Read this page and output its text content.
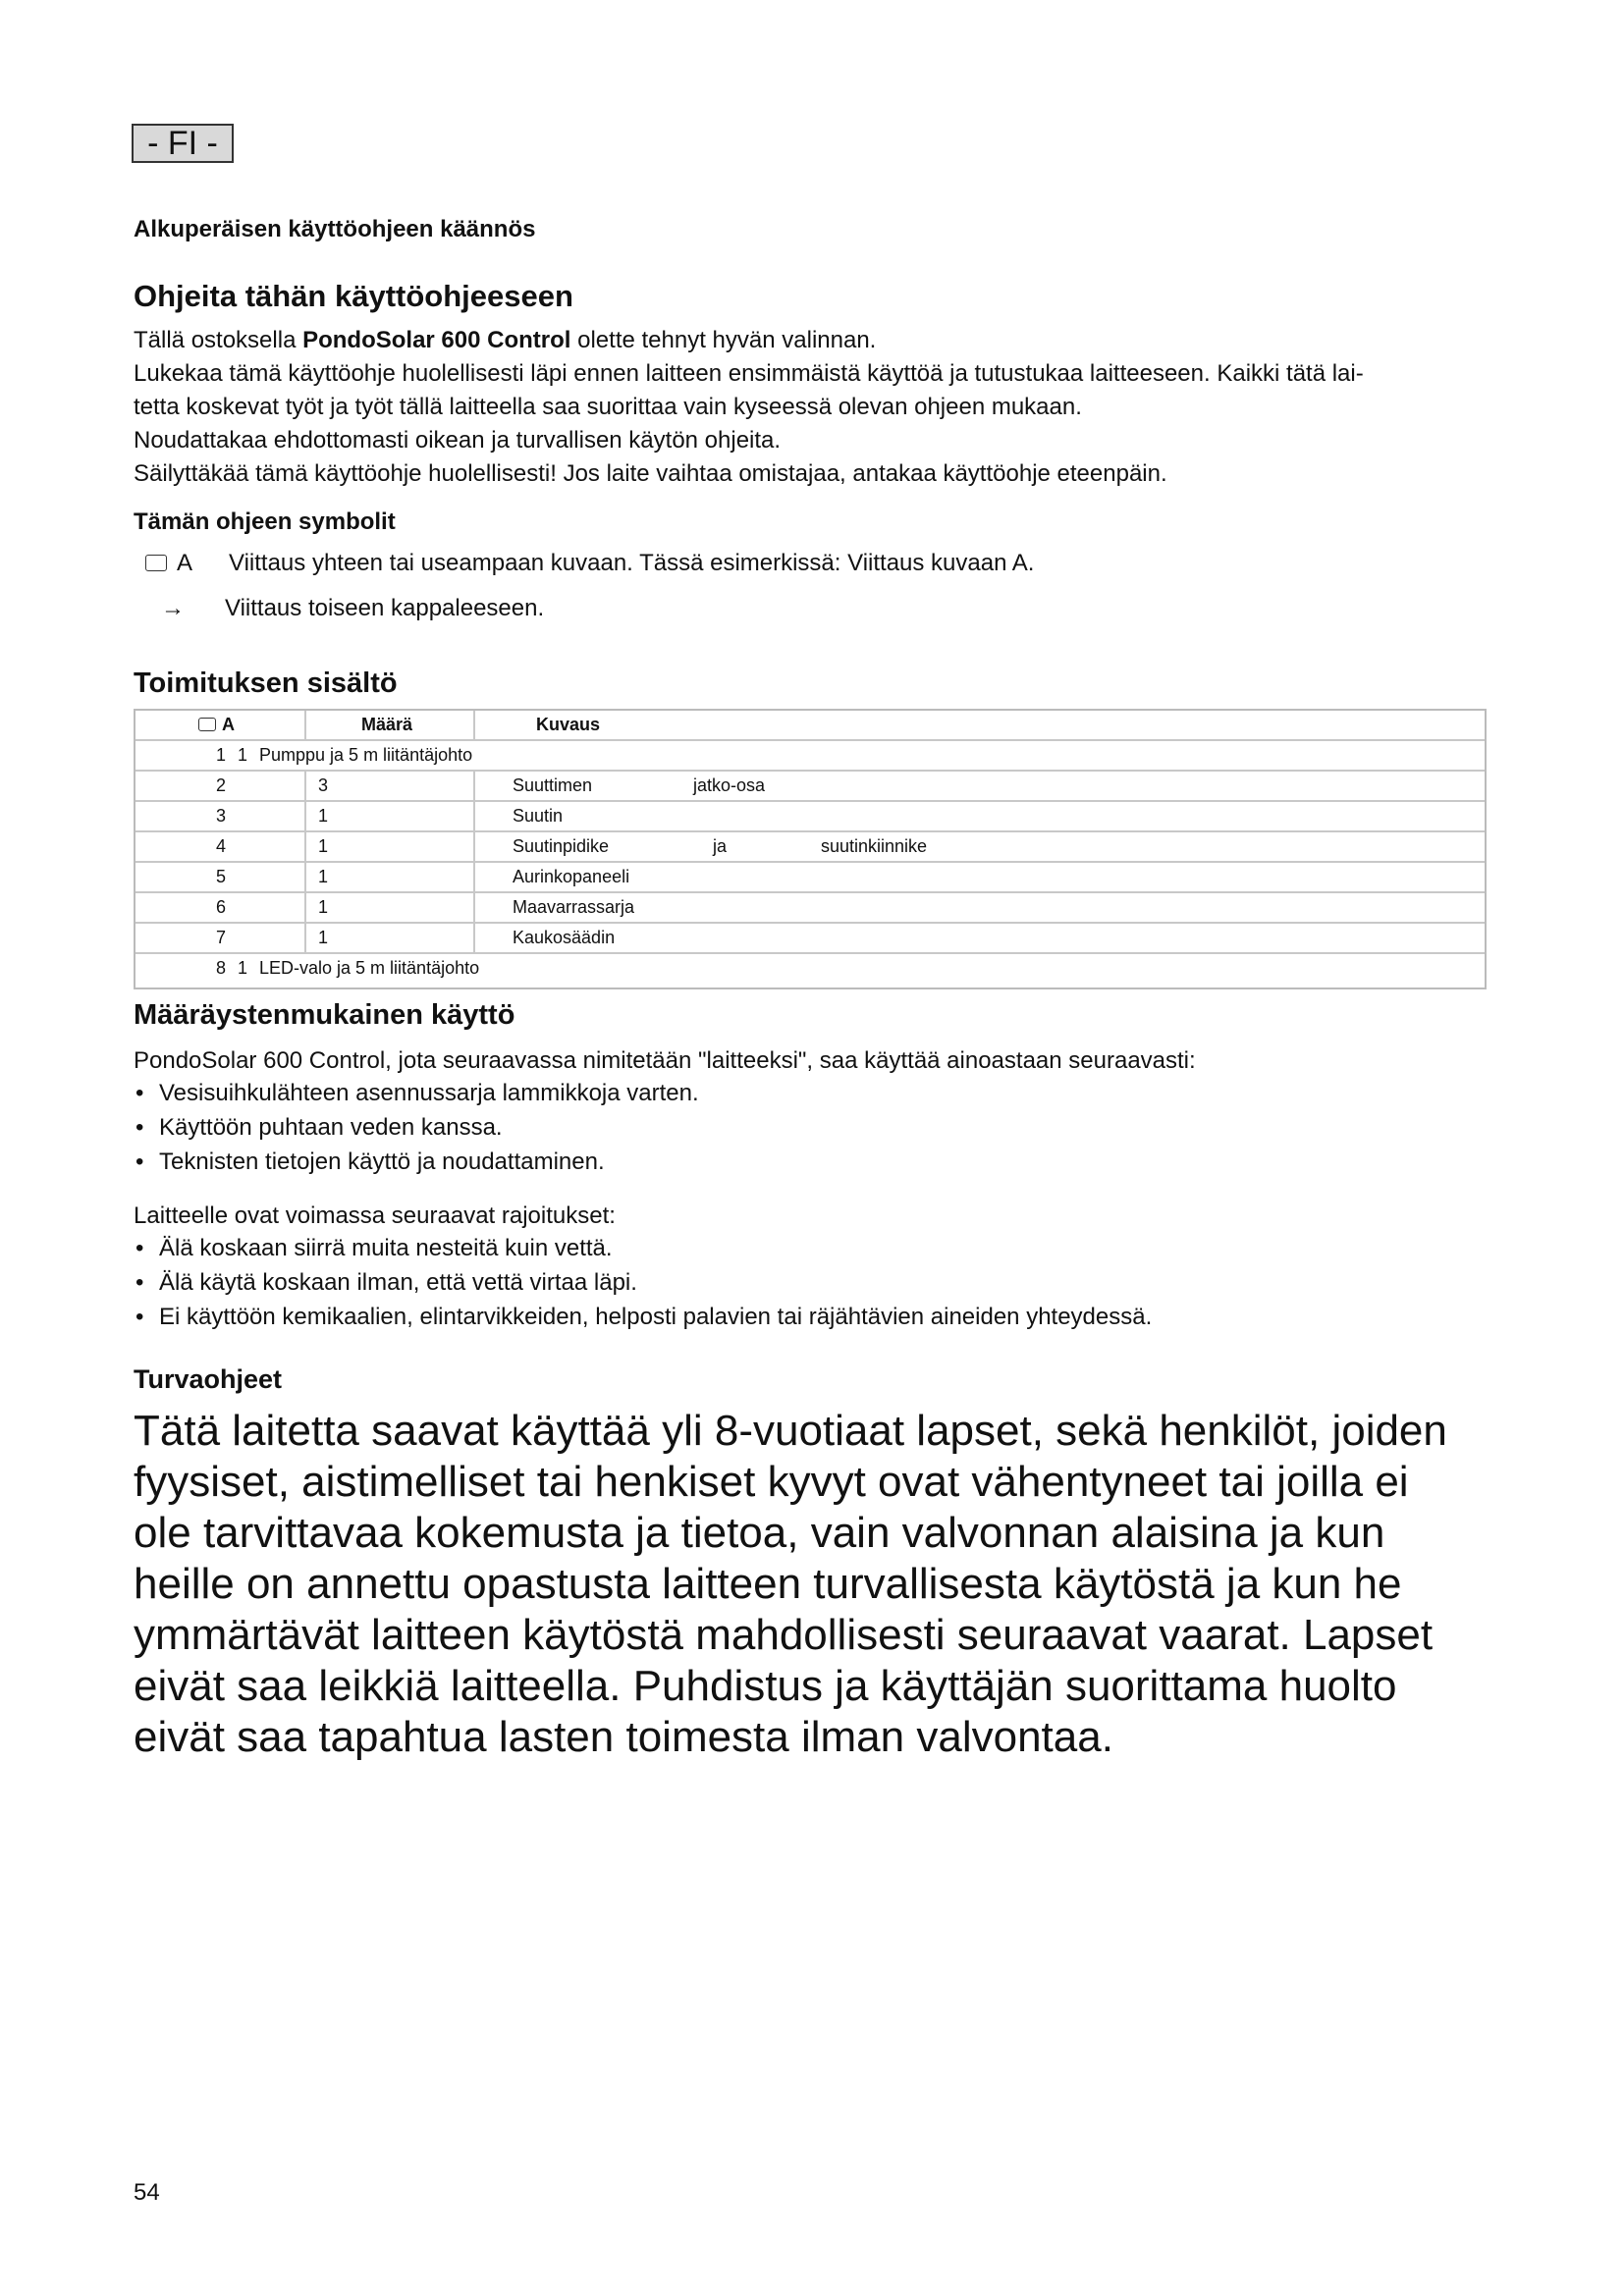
- FI -
Alkuperäisen käyttöohjeen käännös
Ohjeita tähän käyttöohjeeseen
Tällä ostoksella PondoSolar 600 Control olette tehnyt hyvän valinnan.
Lukekaa tämä käyttöohje huolellisesti läpi ennen laitteen ensimmäistä käyttöä ja tutustukaa laitteeseen. Kaikki tätä lai-
tetta koskevat työt ja työt tällä laitteella saa suorittaa vain kyseessä olevan ohjeen mukaan.
Noudattakaa ehdottomasti oikean ja turvallisen käytön ohjeita.
Säilyttäkää tämä käyttöohje huolellisesti! Jos laite vaihtaa omistajaa, antakaa käyttöohje eteenpäin.
Tämän ohjeen symbolit
A	Viittaus yhteen tai useampaan kuvaan. Tässä esimerkissä: Viittaus kuvaan A.
→	Viittaus toiseen kappaleeseen.
Toimituksen sisältö
A	Määrä	Kuvaus
1 1 Pumppu ja 5 m liitäntäjohto
2	3	Suuttimen	jatko-osa
3	1	Suutin
4	1	Suutinpidike	ja	suutinkiinnike
5	1	Aurinkopaneeli
6	1	Maavarrassarja
7	1	Kaukosäädin
8 1 LED-valo ja 5 m liitäntäjohto
Määräystenmukainen käyttö
PondoSolar 600 Control, jota seuraavassa nimitetään "laitteeksi", saa käyttää ainoastaan seuraavasti:
• Vesisuihkulähteen asennussarja lammikkoja varten.
• Käyttöön puhtaan veden kanssa.
• Teknisten tietojen käyttö ja noudattaminen.
Laitteelle ovat voimassa seuraavat rajoitukset:
• Älä koskaan siirrä muita nesteitä kuin vettä.
• Älä käytä koskaan ilman, että vettä virtaa läpi.
• Ei käyttöön kemikaalien, elintarvikkeiden, helposti palavien tai räjähtävien aineiden yhteydessä.
Turvaohjeet
Tätä laitetta saavat käyttää yli 8-vuotiaat lapset, sekä henkilöt, joiden
fyysiset, aistimelliset tai henkiset kyvyt ovat vähentyneet tai joilla ei
ole tarvittavaa kokemusta ja tietoa, vain valvonnan alaisina ja kun
heille on annettu opastusta laitteen turvallisesta käytöstä ja kun he
ymmärtävät laitteen käytöstä mahdollisesti seuraavat vaarat. Lapset
eivät saa leikkiä laitteella. Puhdistus ja käyttäjän suorittama huolto
eivät saa tapahtua lasten toimesta ilman valvontaa.
54
